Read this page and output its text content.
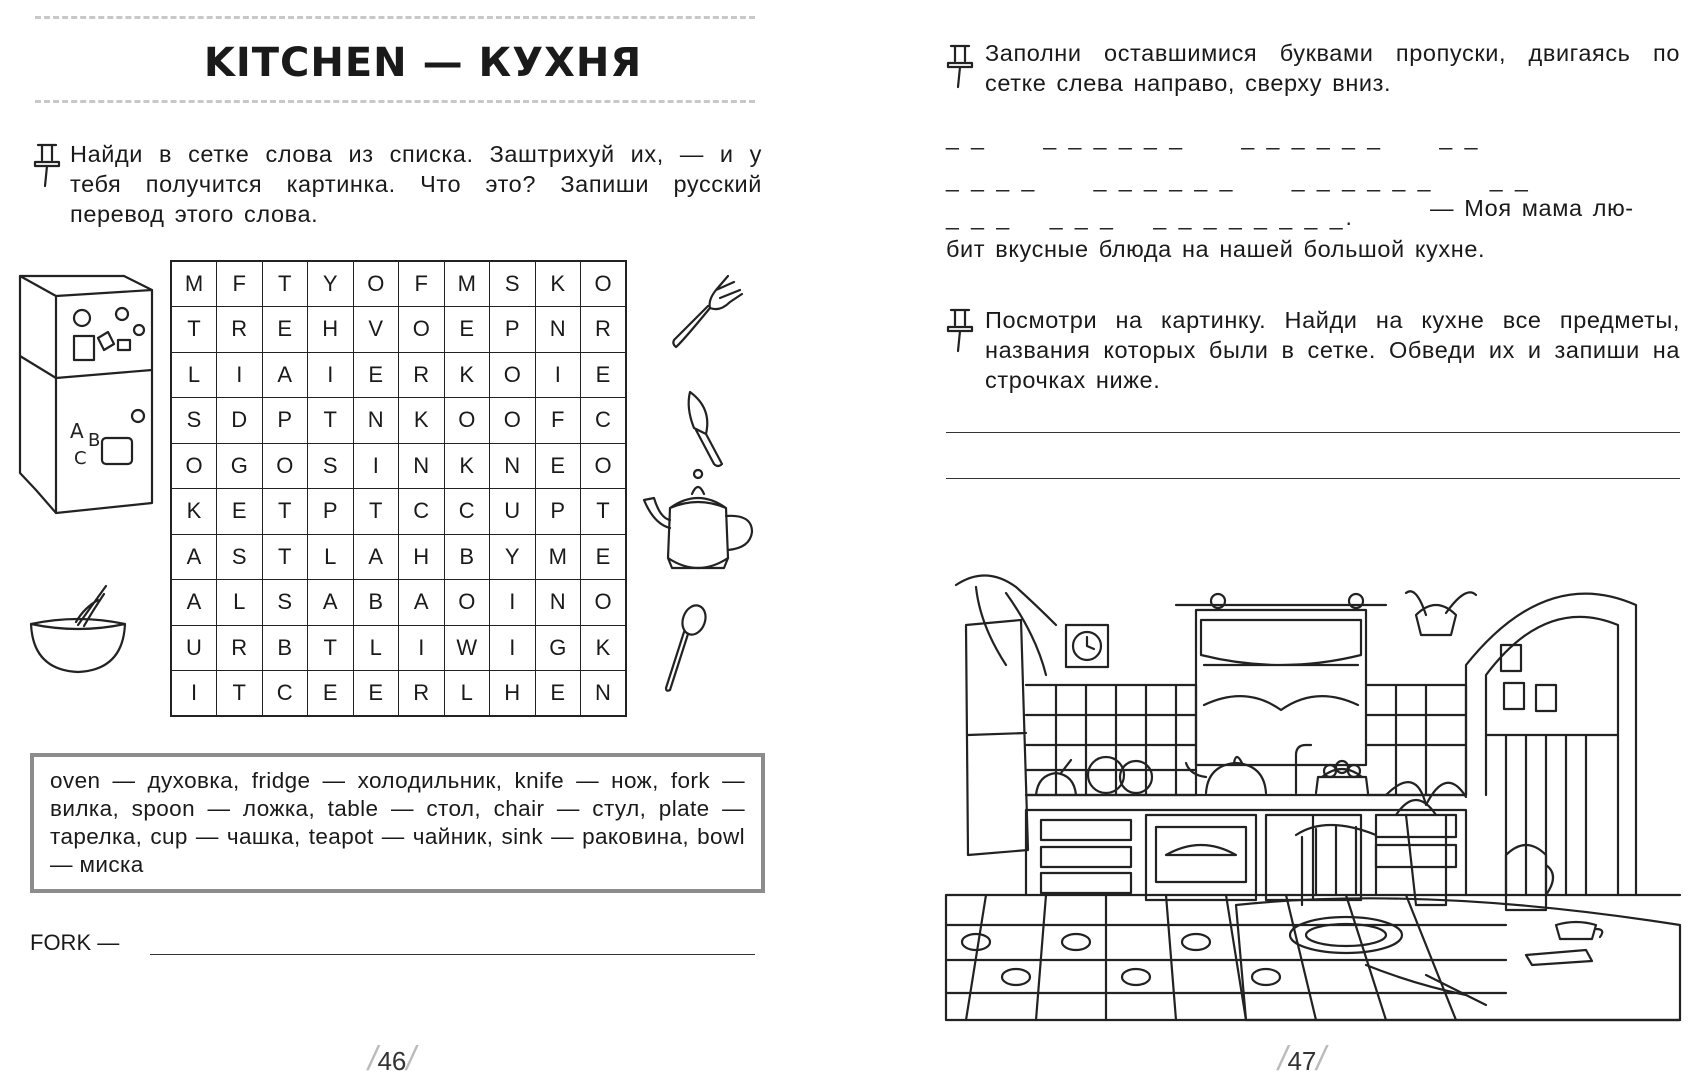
KITCHEN — КУХНЯ
Найди в сетке слова из списка. Заштрихуй их, — и у тебя получится картинка. Что это? Запиши русский перевод этого слова.
A B
C
M	F	T	Y	O	F	M	S	K	O
T	R	E	H	V	O	E	P	N	R
L	I	A	I	E	R	K	O	I	E
S	D	P	T	N	K	O	O	F	C
O	G	O	S	I	N	K	N	E	O
K	E	T	P	T	C	C	U	P	T
A	S	T	L	A	H	B	Y	M	E
A	L	S	A	B	A	O	I	N	O
U	R	B	T	L	I	W	I	G	K
I	T	C	E	E	R	L	H	E	N
oven — духовка, fridge — холодильник, knife — нож, fork — вилка, spoon — ложка, table — стол, chair — стул, plate — тарелка, cup — чашка, teapot — чайник, sink — раковина, bowl — миска
FORK —
/46/
Заполни оставшимися буквами пропуски, двигаясь по сетке слева направо, сверху вниз.
_ _      _ _ _ _ _ _      _ _ _ _ _ _      _ _
_ _ _ _      _ _ _ _ _ _      _ _ _ _ _ _      _ _
_ _ _    _ _ _    _ _ _ _ _ _ _ _.	— Моя мама лю-
бит вкусные блюда на нашей большой кухне.
Посмотри на картинку. Найди на кухне все предметы, названия которых были в сетке. Обведи их и запиши на строчках ниже.
/47/
